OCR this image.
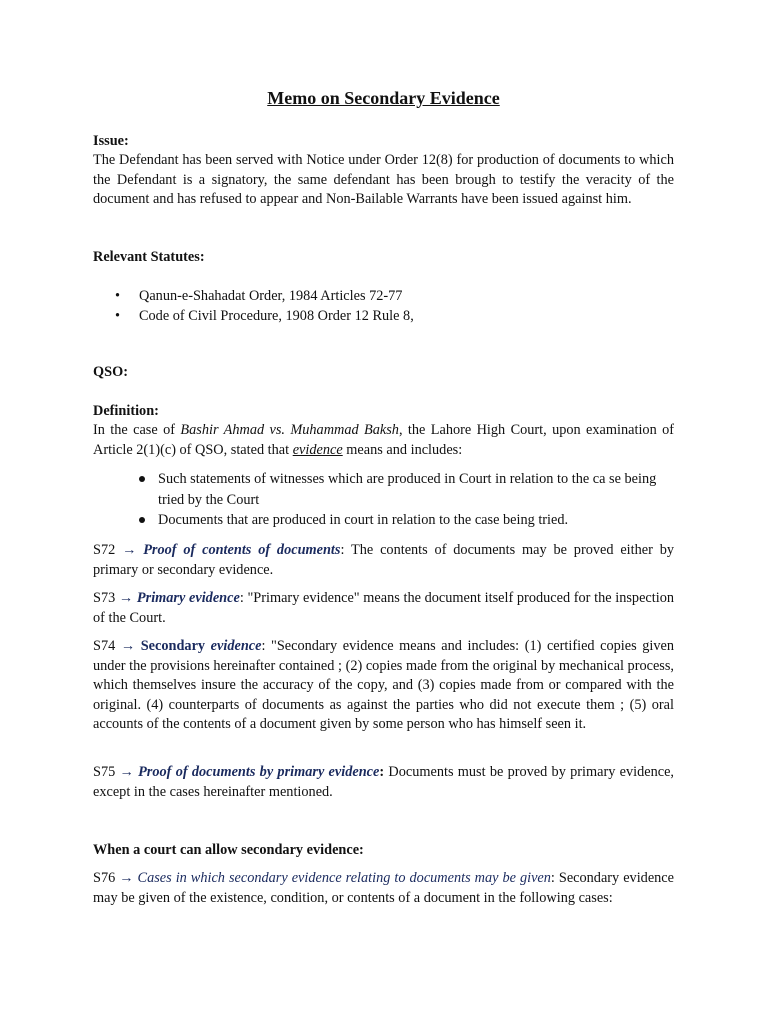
Memo on Secondary Evidence
Issue:
The Defendant has been served with Notice under Order 12(8) for production of documents to which the Defendant is a signatory, the same defendant has been brough to testify the veracity of the document and has refused to appear and Non-Bailable Warrants have been issued against him.
Relevant Statutes:
• Qanun-e-Shahadat Order, 1984 Articles 72-77
• Code of Civil Procedure, 1908 Order 12 Rule 8,
QSO:
Definition:
In the case of Bashir Ahmad vs. Muhammad Baksh, the Lahore High Court, upon examination of Article 2(1)(c) of QSO, stated that evidence means and includes:
Such statements of witnesses which are produced in Court in relation to the ca se being tried by the Court
Documents that are produced in court in relation to the case being tried.
S72 → Proof of contents of documents: The contents of documents may be proved either by primary or secondary evidence.
S73 → Primary evidence: "Primary evidence" means the document itself produced for the inspection of the Court.
S74 → Secondary evidence: "Secondary evidence means and includes: (1) certified copies given under the provisions hereinafter contained ; (2) copies made from the original by mechanical process, which themselves insure the accuracy of the copy, and (3) copies made from or compared with the original. (4) counterparts of documents as against the parties who did not execute them ; (5) oral accounts of the contents of a document given by some person who has himself seen it.
S75 → Proof of documents by primary evidence: Documents must be proved by primary evidence, except in the cases hereinafter mentioned.
When a court can allow secondary evidence:
S76 → Cases in which secondary evidence relating to documents may be given: Secondary evidence may be given of the existence, condition, or contents of a document in the following cases:
